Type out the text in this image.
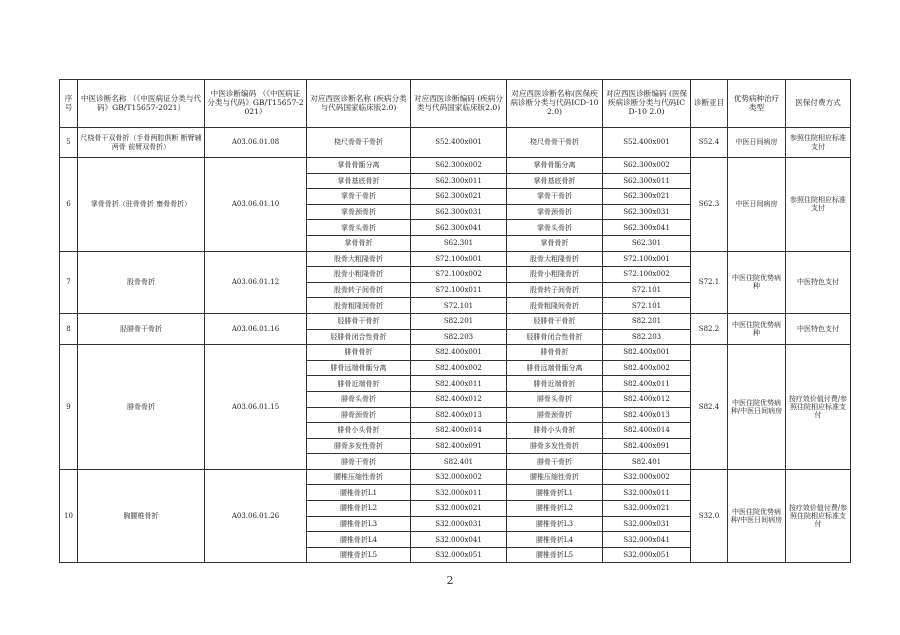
序号	中医诊断名称 （《中医病证分类与代码》GB/T15657-2021）	中医诊断编码 （《中医病证分类与代码》GB/T15657-2021）	对应西医诊断名称 (疾病分类与代码国家临床版2.0)	对应西医诊断编码 (疾病分类与代码国家临床版2.0)	对应西医诊断名称(医保疾病诊断分类与代码ICD-10 2.0)	对应西医诊断编码 (医保疾病诊断分类与代码ICD-10 2.0)	诊断亚目	优势病种治疗类型	医保付费方式
5	尺桡骨干双骨折（手骨两腔俱断 断臂辅两骨 前臂双骨折）	A03.06.01.08	桡尺骨骨干骨折	S52.400x001	桡尺骨骨干骨折	S52.400x001	S52.4	中医日间病房	参照住院相应标准支付
6	掌骨骨折（驻骨骨折 壅骨骨折）	A03.06.01.10	掌骨骨骺分离	S62.300x002	掌骨骨骺分离	S62.300x002	S62.3	中医日间病房	参照住院相应标准支付
			掌骨基底骨折	S62.300x011	掌骨基底骨折	S62.300x011			
			掌骨干骨折	S62.300x021	掌骨干骨折	S62.300x021			
			掌骨颈骨折	S62.300x031	掌骨颈骨折	S62.300x031			
			掌骨头骨折	S62.300x041	掌骨头骨折	S62.300x041			
			掌骨骨折	S62.301	掌骨骨折	S62.301			
7	股骨骨折	A03.06.01.12	股骨大粗隆骨折	S72.100x001	股骨大粗隆骨折	S72.100x001	S72.1	中医住院优势病种	中医特色支付
			股骨小粗隆骨折	S72.100x002	股骨小粗隆骨折	S72.100x002			
			股骨转子间骨折	S72.100x011	股骨转子间骨折	S72.101			
			股骨粗隆间骨折	S72.101	股骨粗隆间骨折	S72.101			
8	胫腓骨干骨折	A03.06.01.16	胫腓骨干骨折	S82.201	胫腓骨干骨折	S82.201	S82.2	中医住院优势病种	中医特色支付
			胫腓骨闭合性骨折	S82.203	胫腓骨闭合性骨折	S82.203			
9	腓骨骨折	A03.06.01.15	腓骨骨折	S82.400x001	腓骨骨折	S82.400x001	S82.4	中医住院优势病种/中医日间病房	按疗效价值付费/参照住院相应标准支付
			腓骨远端骨骺分离	S82.400x002	腓骨远端骨骺分离	S82.400x002			
			腓骨近端骨折	S82.400x011	腓骨近端骨折	S82.400x011			
			腓骨头骨折	S82.400x012	腓骨头骨折	S82.400x012			
			腓骨颈骨折	S82.400x013	腓骨颈骨折	S82.400x013			
			腓骨小头骨折	S82.400x014	腓骨小头骨折	S82.400x014			
			腓骨多发性骨折	S82.400x091	腓骨多发性骨折	S82.400x091			
			腓骨干骨折	S82.401	腓骨干骨折	S82.401			
10	胸腰椎骨折	A03.06.01.26	腰椎压缩性骨折	S32.000x002	腰椎压缩性骨折	S32.000x002	S32.0	中医住院优势病种/中医日间病房	按疗效价值付费/参照住院相应标准支付
			腰椎骨折L1	S32.000x011	腰椎骨折L1	S32.000x011			
			腰椎骨折L2	S32.000x021	腰椎骨折L2	S32.000x021			
			腰椎骨折L3	S32.000x031	腰椎骨折L3	S32.000x031			
			腰椎骨折L4	S32.000x041	腰椎骨折L4	S32.000x041			
			腰椎骨折L5	S32.000x051	腰椎骨折L5	S32.000x051			
2
